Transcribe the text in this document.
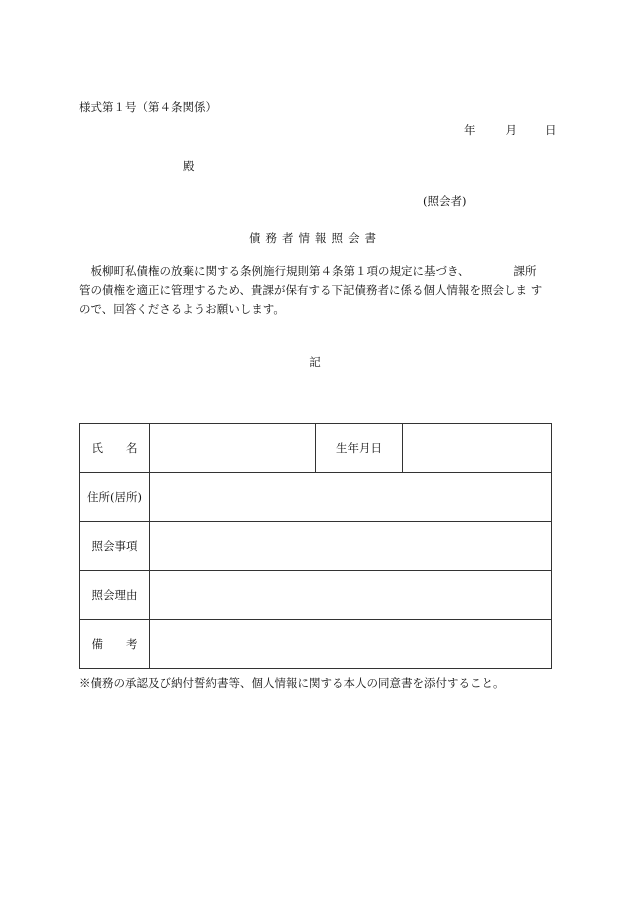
様式第１号（第４条関係）
年	月 日
殿
(照会者)
債務者情報照会書
　板柳町私債権の放棄に関する条例施行規則第４条第１項の規定に基づき、	課所
管の債権を適正に管理するため、貴課が保有する下記債務者に係る個人情報を照会しま す
ので、回答くださるようお願いします。
記
氏　　名		生年月日	
住所(居所)			
照会事項			
照会理由			
備　　考			
※債務の承認及び納付誓約書等、個人情報に関する本人の同意書を添付すること。
